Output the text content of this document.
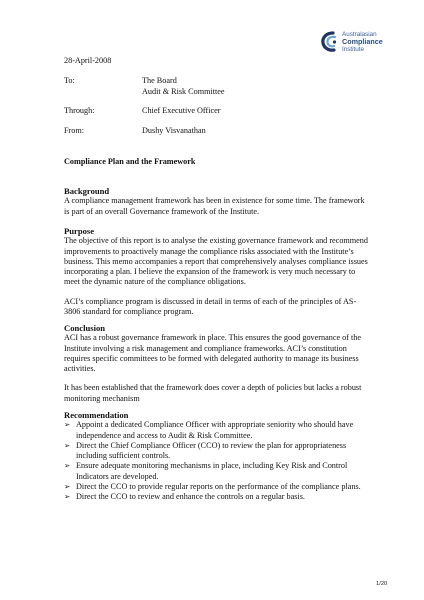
Australasian
Compliance
Institute
28-April-2008
To:	The Board
Audit & Risk Committee
Through:	Chief Executive Officer
From:	Dushy Visvanathan
Compliance Plan and the Framework
Background

A compliance management framework has been in existence for some time. The framework is part of an overall Governance framework of the Institute.

Purpose

The objective of this report is to analyse the existing governance framework and recommend improvements to proactively manage the compliance risks associated with the Institute’s business. This memo accompanies a report that comprehensively analyses compliance issues incorporating a plan. I believe the expansion of the framework is very much necessary to meet the dynamic nature of the compliance obligations.

ACI’s compliance program is discussed in detail in terms of each of the principles of AS-3806 standard for compliance program.

Conclusion

ACI has a robust governance framework in place. This ensures the good governance of the Institute involving a risk management and compliance frameworks. ACI’s constitution requires specific committees to be formed with delegated authority to manage its business activities.

It has been established that the framework does cover a depth of policies but lacks a robust monitoring mechanism

Recommendation
➢ Appoint a dedicated Compliance Officer with appropriate seniority who should have independence and access to Audit & Risk Committee.
➢ Direct the Chief Compliance Officer (CCO) to review the plan for appropriateness including sufficient controls.
➢ Ensure adequate monitoring mechanisms in place, including Key Risk and Control Indicators are developed.
➢ Direct the CCO to provide regular reports on the performance of the compliance plans.
➢ Direct the CCO to review and enhance the controls on a regular basis.
1/20
